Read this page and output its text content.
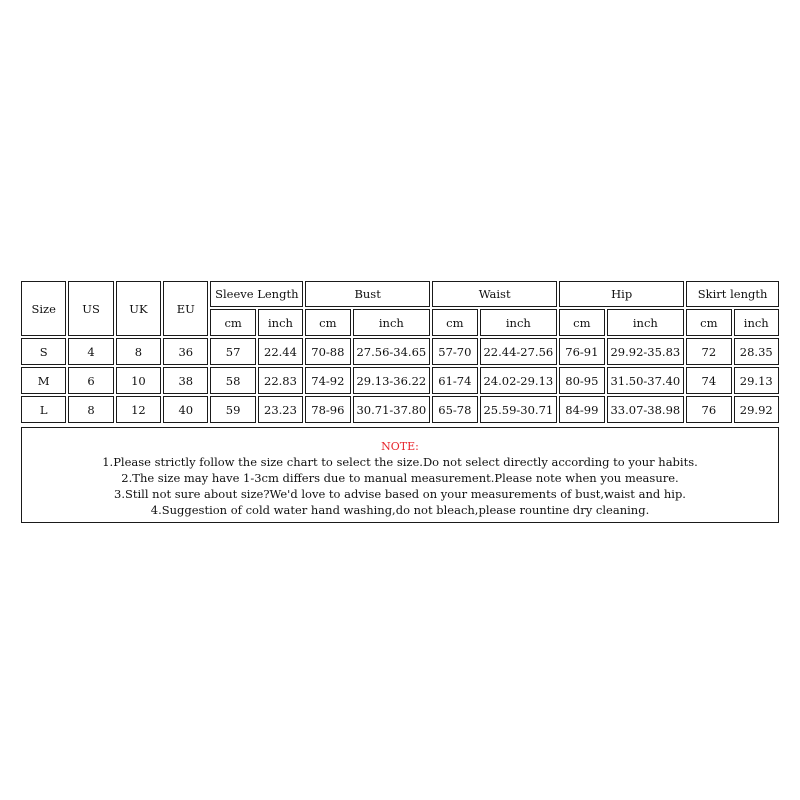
Size	US	UK	EU	Sleeve Length		Bust		Waist		Hip		Skirt length	
				cm	inch	cm	inch	cm	inch	cm	inch	cm	inch
S	4	8	36	57	22.44	70-88	27.56-34.65	57-70	22.44-27.56	76-91	29.92-35.83	72	28.35
M	6	10	38	58	22.83	74-92	29.13-36.22	61-74	24.02-29.13	80-95	31.50-37.40	74	29.13
L	8	12	40	59	23.23	78-96	30.71-37.80	65-78	25.59-30.71	84-99	33.07-38.98	76	29.92
NOTE:
1.Please strictly follow the size chart to select the size.Do not select directly according to your habits.
2.The size may have 1-3cm differs due to manual measurement.Please note when you measure.
3.Still not sure about size?We'd love to advise based on your measurements of bust,waist and hip.
4.Suggestion of cold water hand washing,do not bleach,please rountine dry cleaning.
